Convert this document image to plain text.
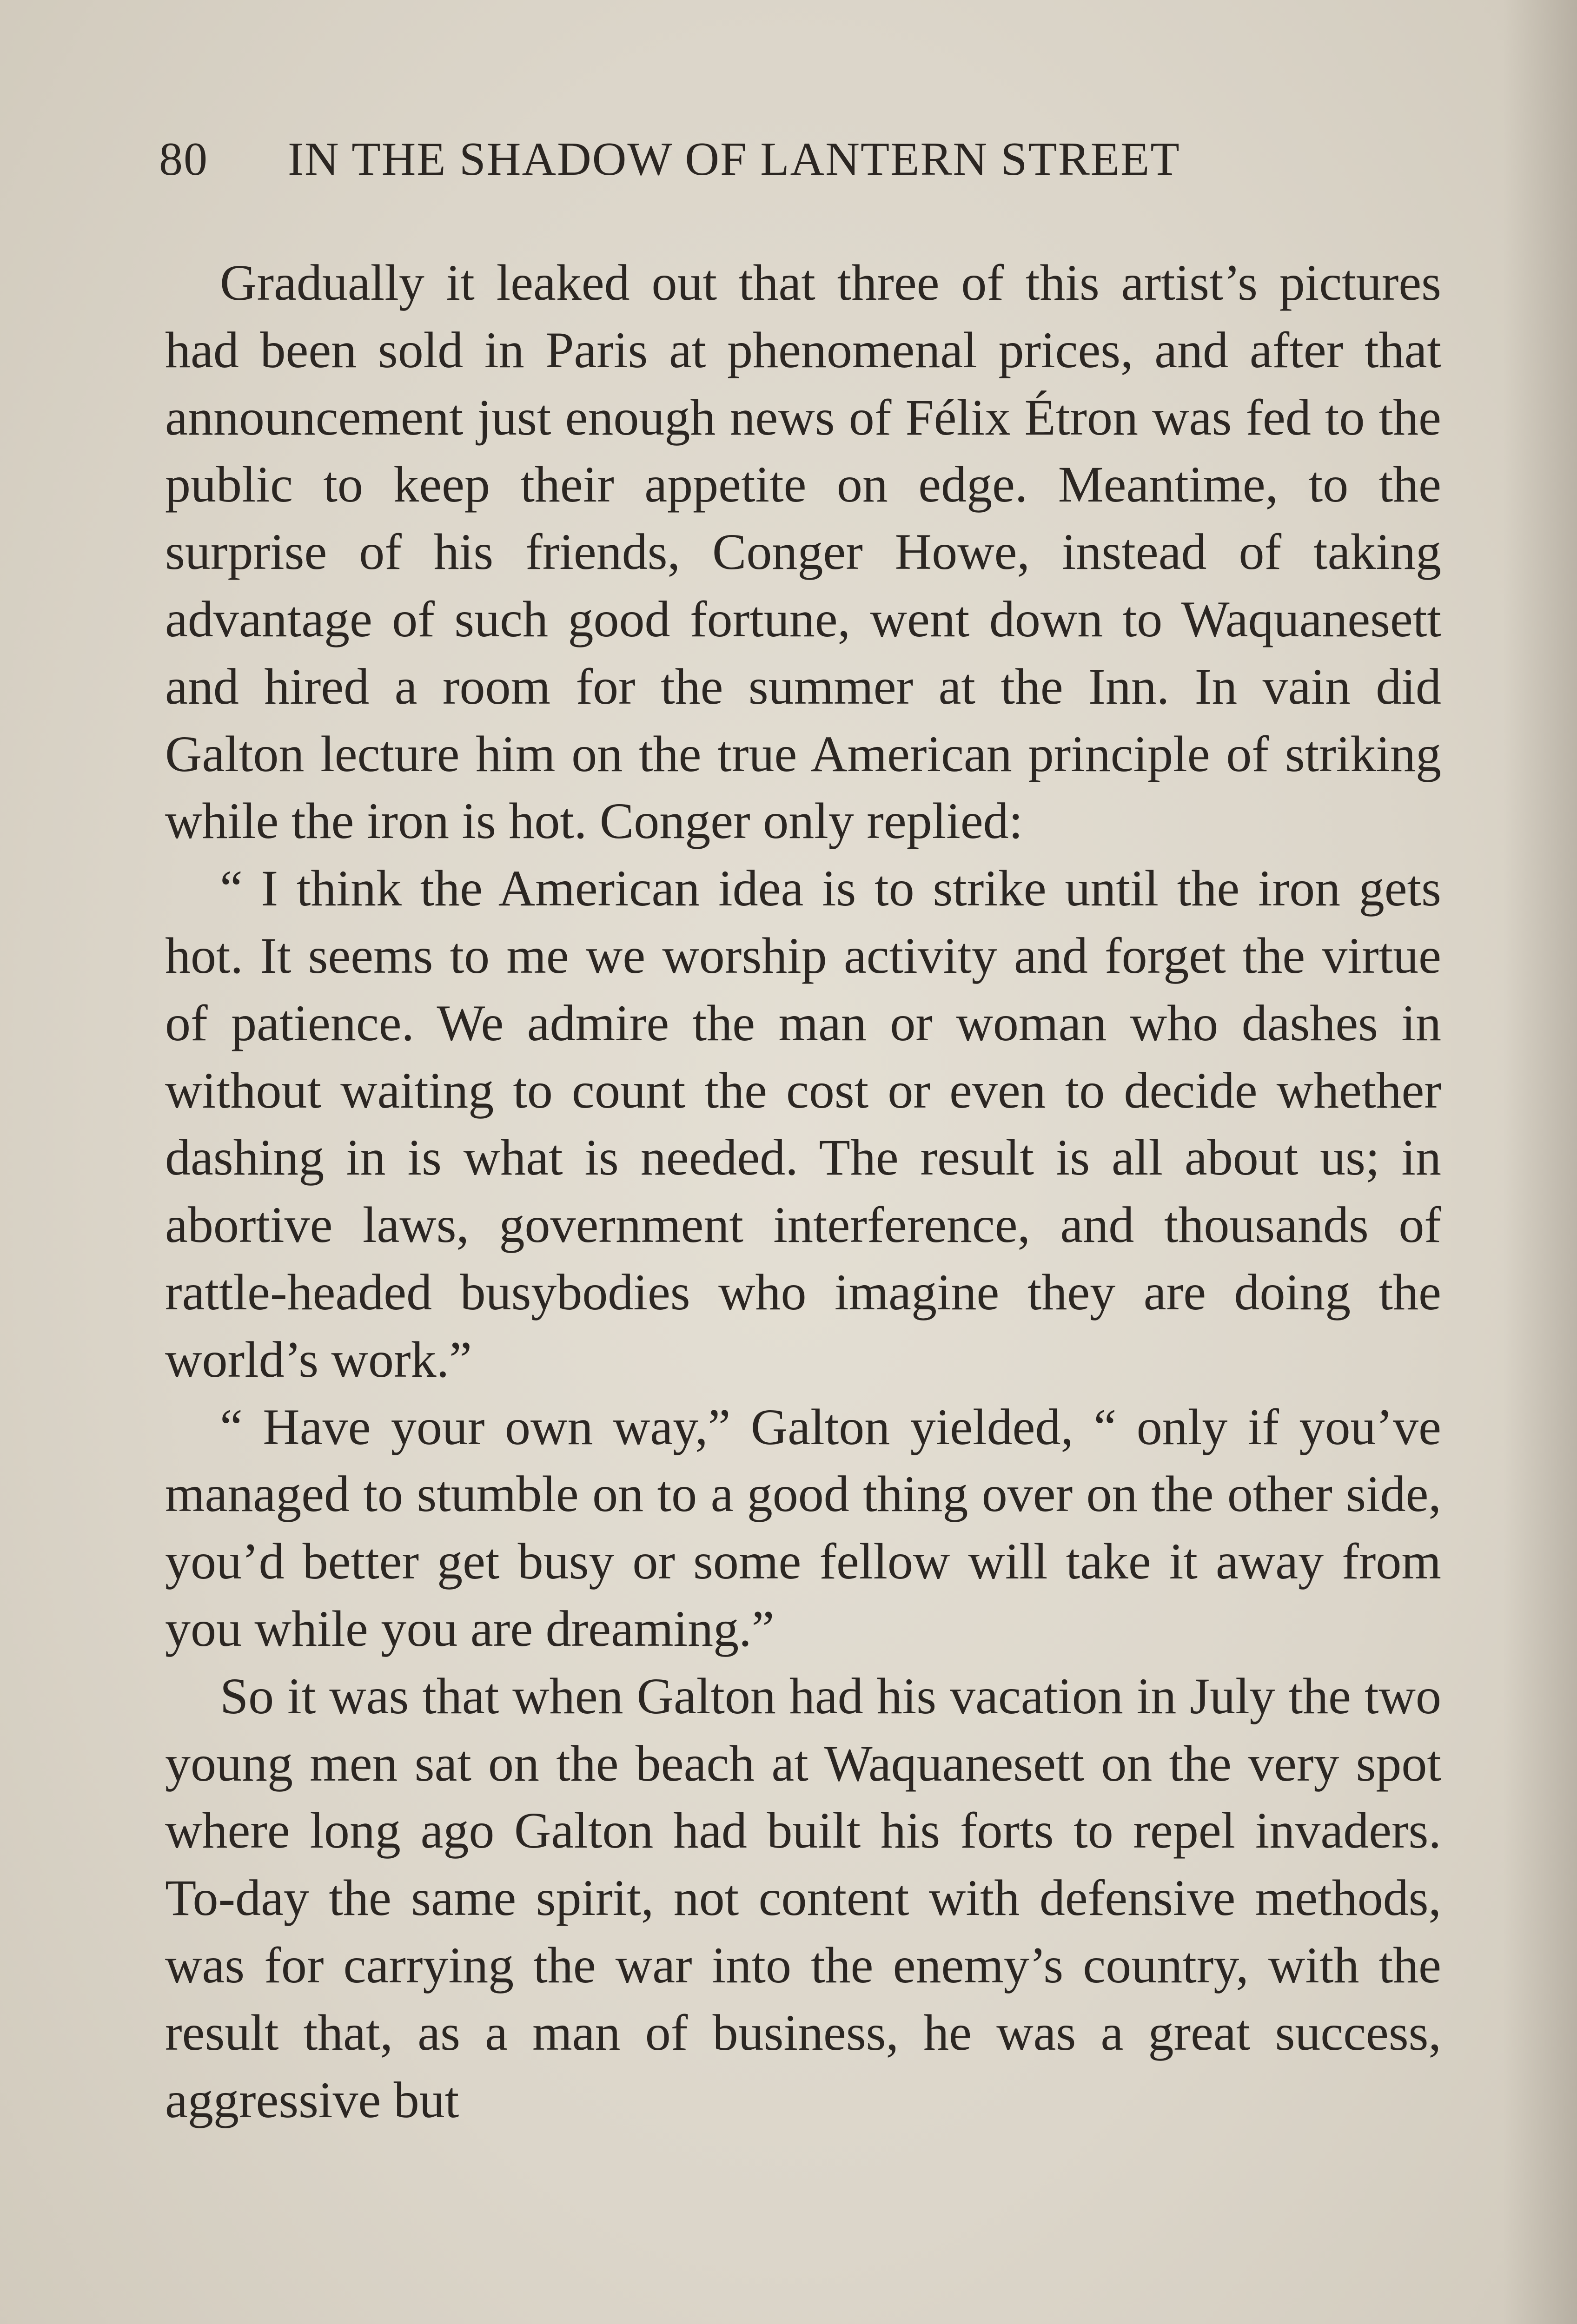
80 IN THE SHADOW OF LANTERN STREET

Gradually it leaked out that three of this artist’s pictures had been sold in Paris at phenomenal prices, and after that announcement just enough news of Félix Étron was fed to the public to keep their appetite on edge. Meantime, to the surprise of his friends, Conger Howe, instead of taking advantage of such good fortune, went down to Waquanesett and hired a room for the summer at the Inn. In vain did Galton lecture him on the true American principle of striking while the iron is hot. Conger only replied:

“ I think the American idea is to strike until the iron gets hot. It seems to me we worship activity and forget the virtue of patience. We admire the man or woman who dashes in without waiting to count the cost or even to decide whether dashing in is what is needed. The result is all about us; in abortive laws, government interference, and thousands of rattle-headed busybodies who imagine they are doing the world’s work.”

“ Have your own way,” Galton yielded, “ only if you’ve managed to stumble on to a good thing over on the other side, you’d better get busy or some fellow will take it away from you while you are dreaming.”

So it was that when Galton had his vacation in July the two young men sat on the beach at Waquanesett on the very spot where long ago Galton had built his forts to repel invaders. To-day the same spirit, not content with defensive methods, was for carrying the war into the enemy’s country, with the result that, as a man of business, he was a great success, aggressive but
